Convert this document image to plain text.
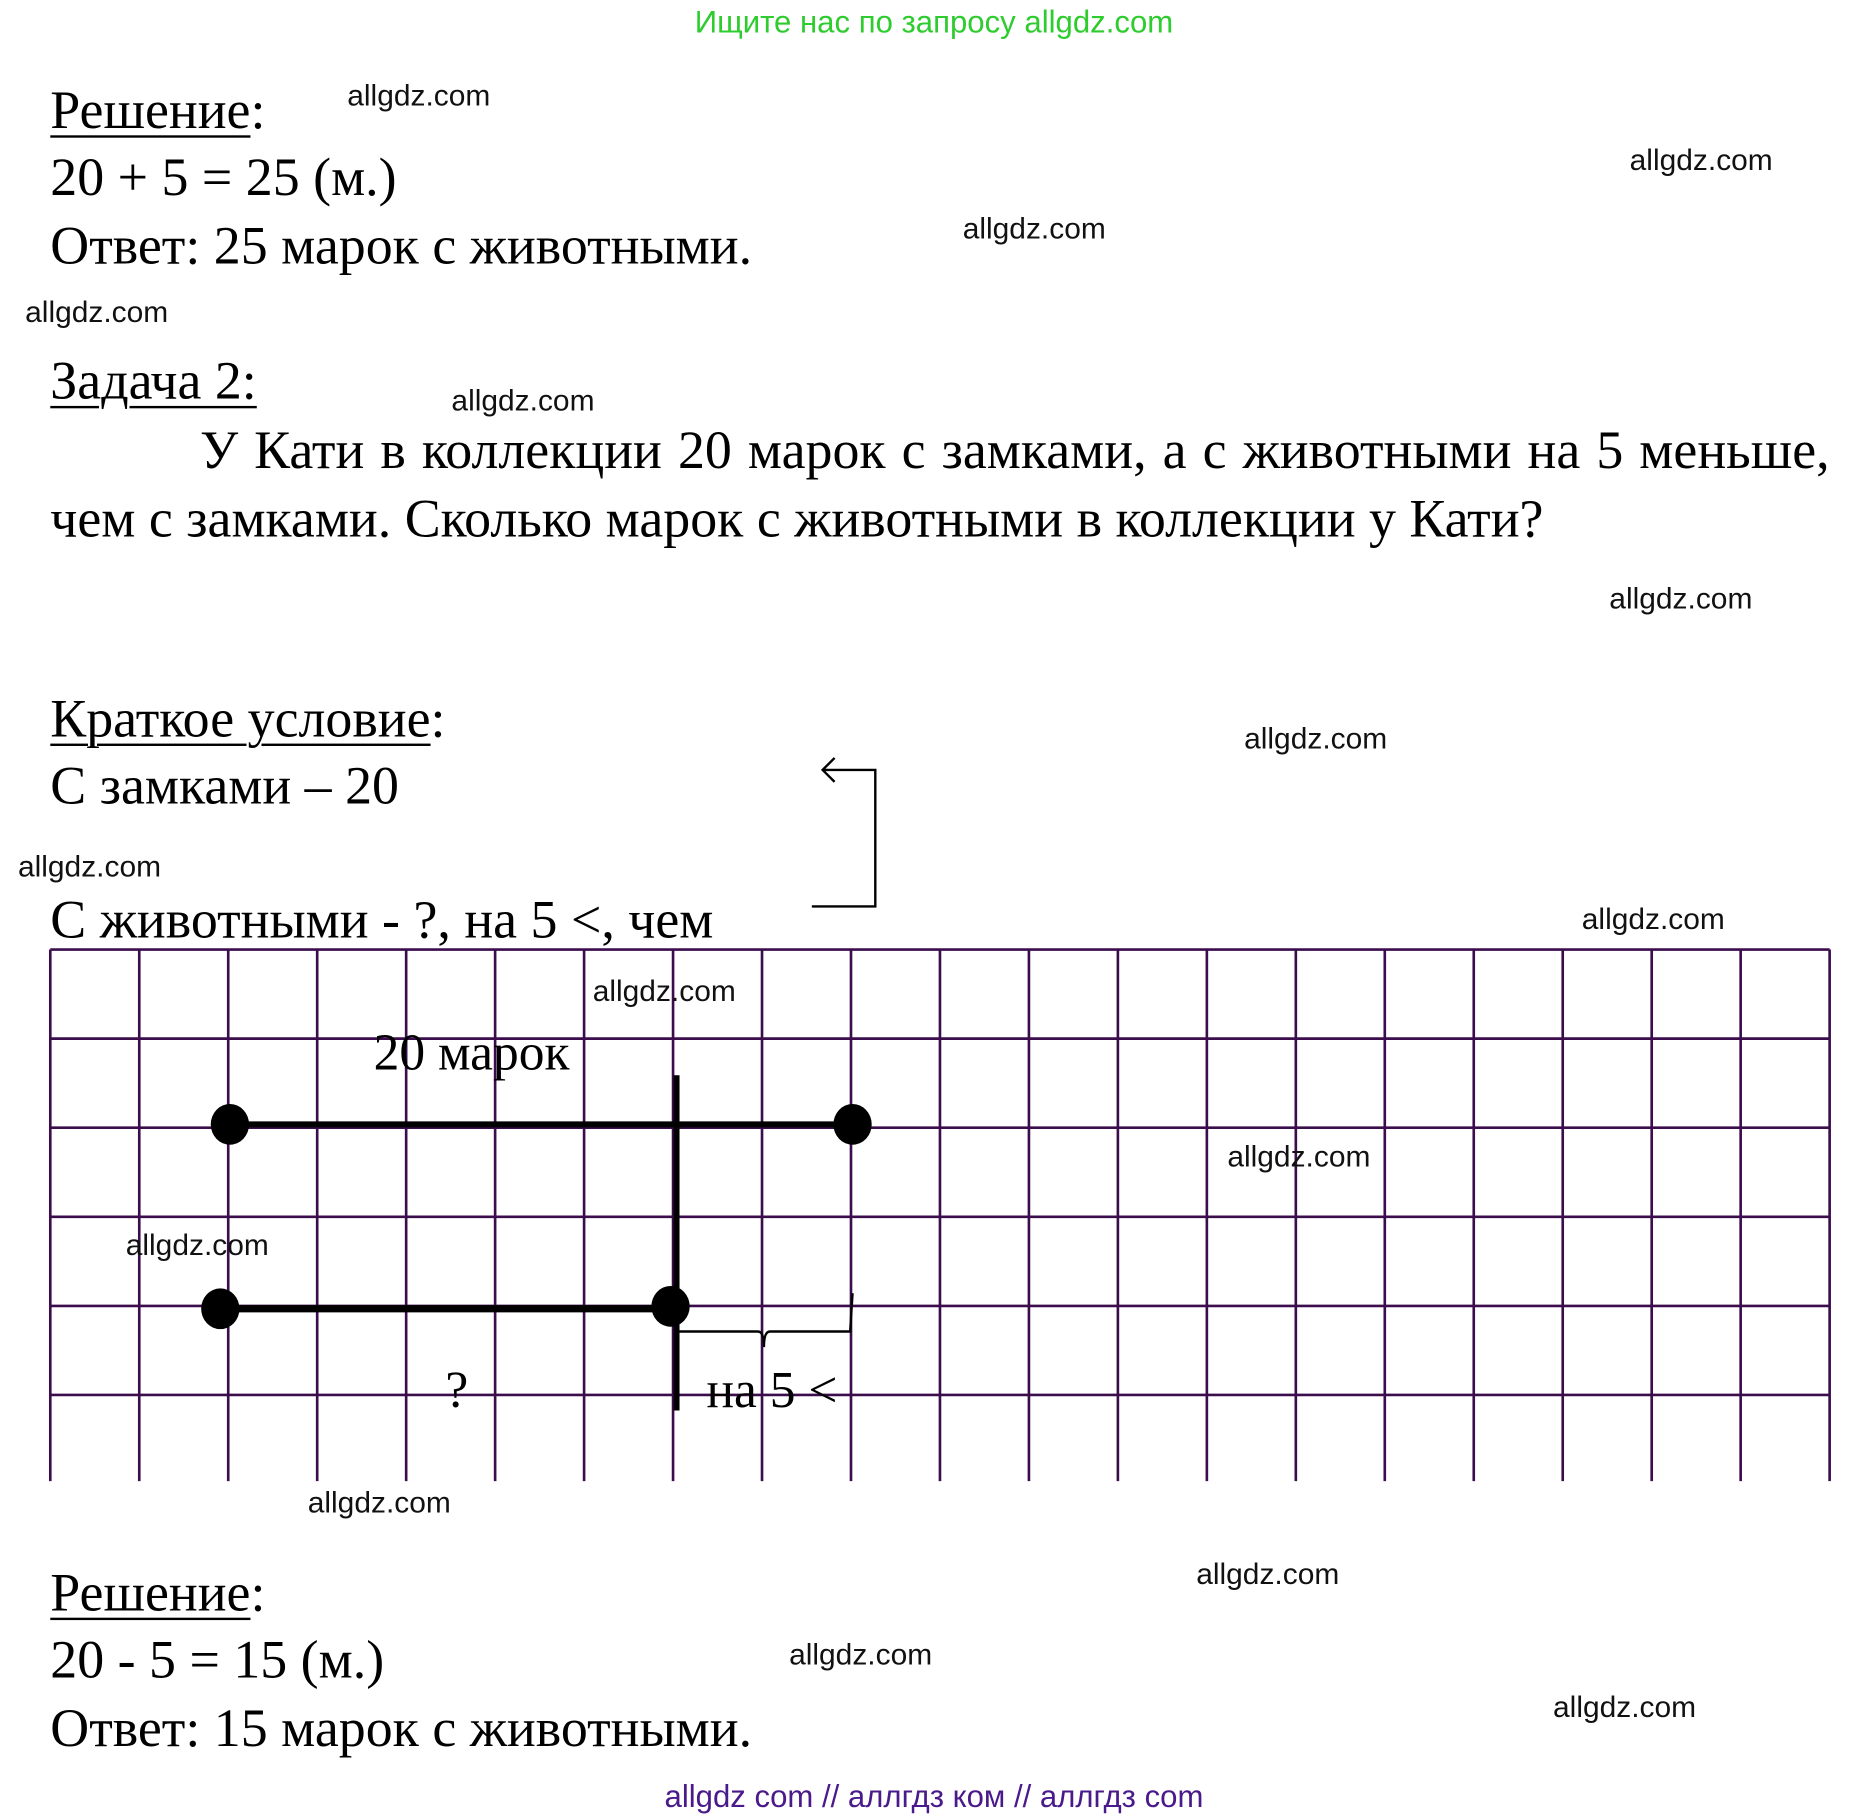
Ищите нас по запросу allgdz.com
Решение:
20 + 5 = 25 (м.)
Ответ: 25 марок с животными.
Задача 2:
У Кати в коллекции 20 марок с замками, а с животными на 5 меньше, чем с замками. Сколько марок с животными в коллекции у Кати?
Краткое условие:
С замками – 20
С животными - ?, на 5 <, чем
20 марок
?	на 5 <
Решение:
20 - 5 = 15 (м.)
Ответ: 15 марок с животными.
allgdz.com
allgdz.com
allgdz.com
allgdz.com
allgdz.com
allgdz.com
allgdz.com
allgdz.com
allgdz.com
allgdz.com
allgdz.com
allgdz.com
allgdz.com
allgdz.com
allgdz.com
allgdz.com
allgdz com // аллгдз ком // аллгдз com
